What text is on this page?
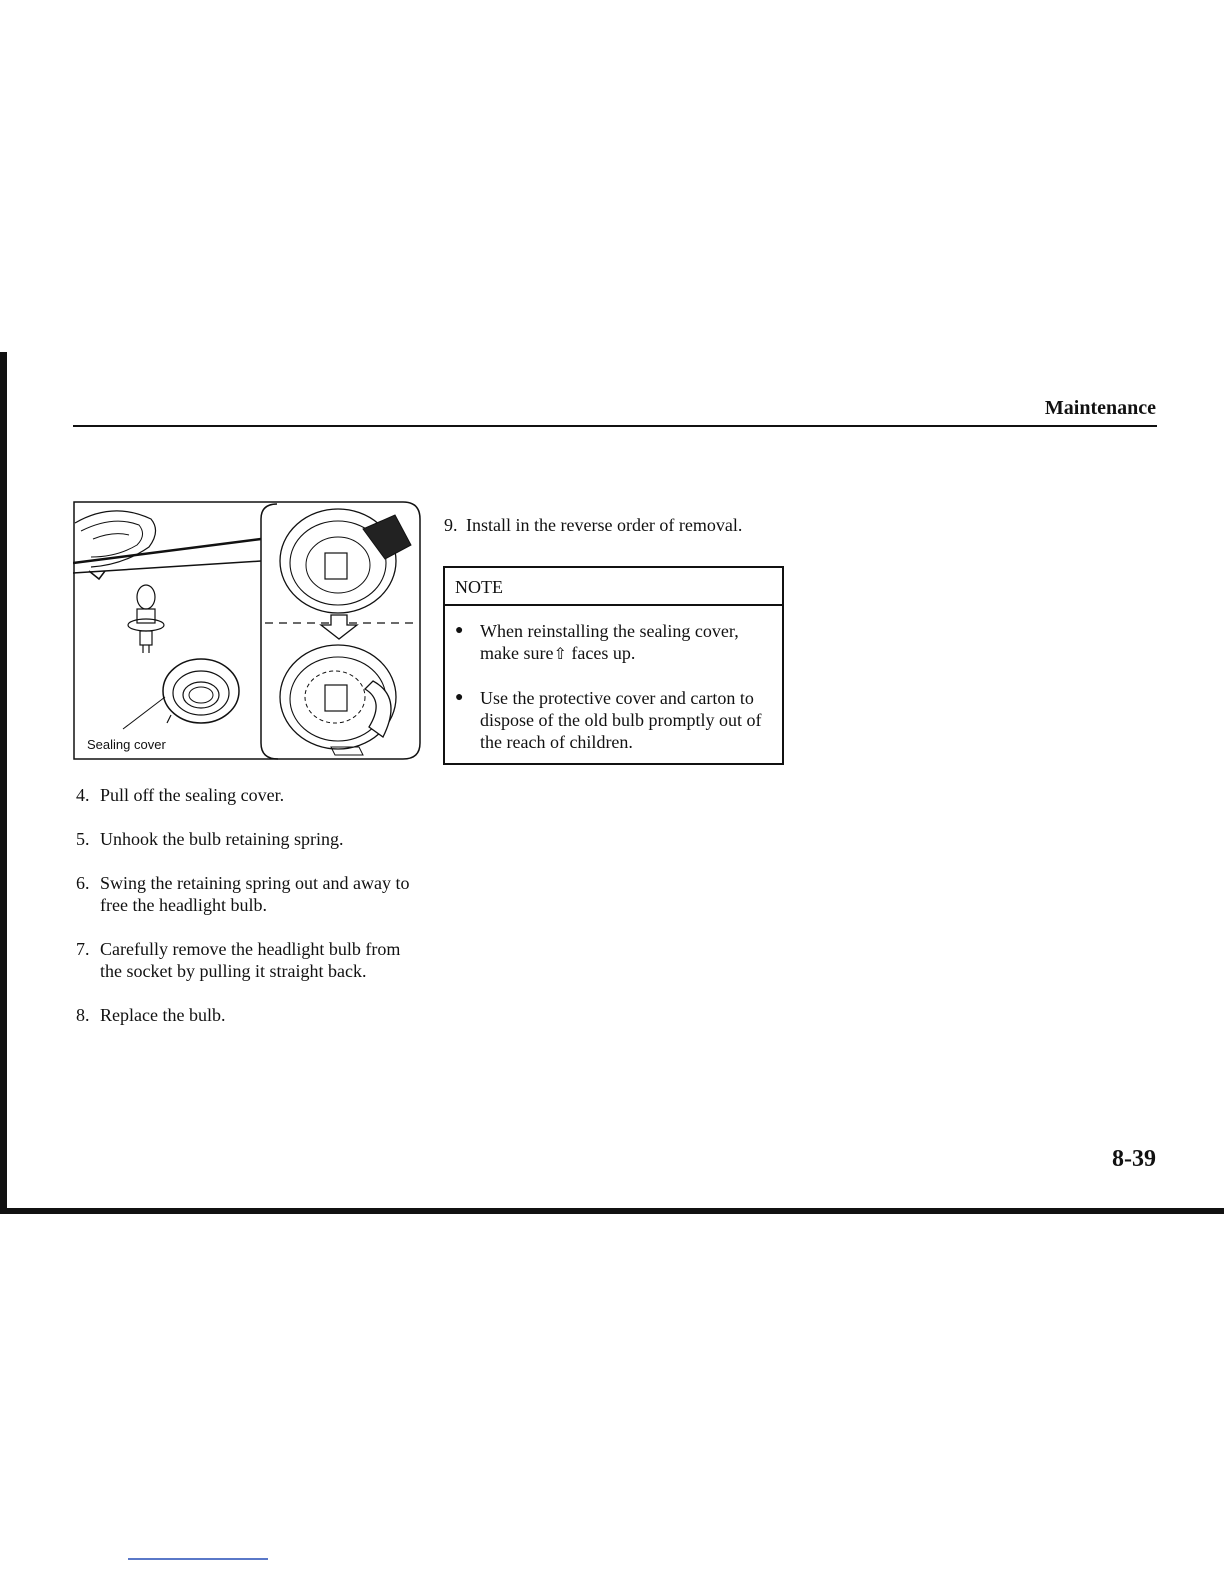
Maintenance
Sealing cover
4. Pull off the sealing cover.
5. Unhook the bulb retaining spring.
6. Swing the retaining spring out and away to free the headlight bulb.
7. Carefully remove the headlight bulb from the socket by pulling it straight back.
8. Replace the bulb.
9. Install in the reverse order of removal.
NOTE
● When reinstalling the sealing cover, make sure⇧ faces up.
● Use the protective cover and carton to dispose of the old bulb promptly out of the reach of children.
8-39
